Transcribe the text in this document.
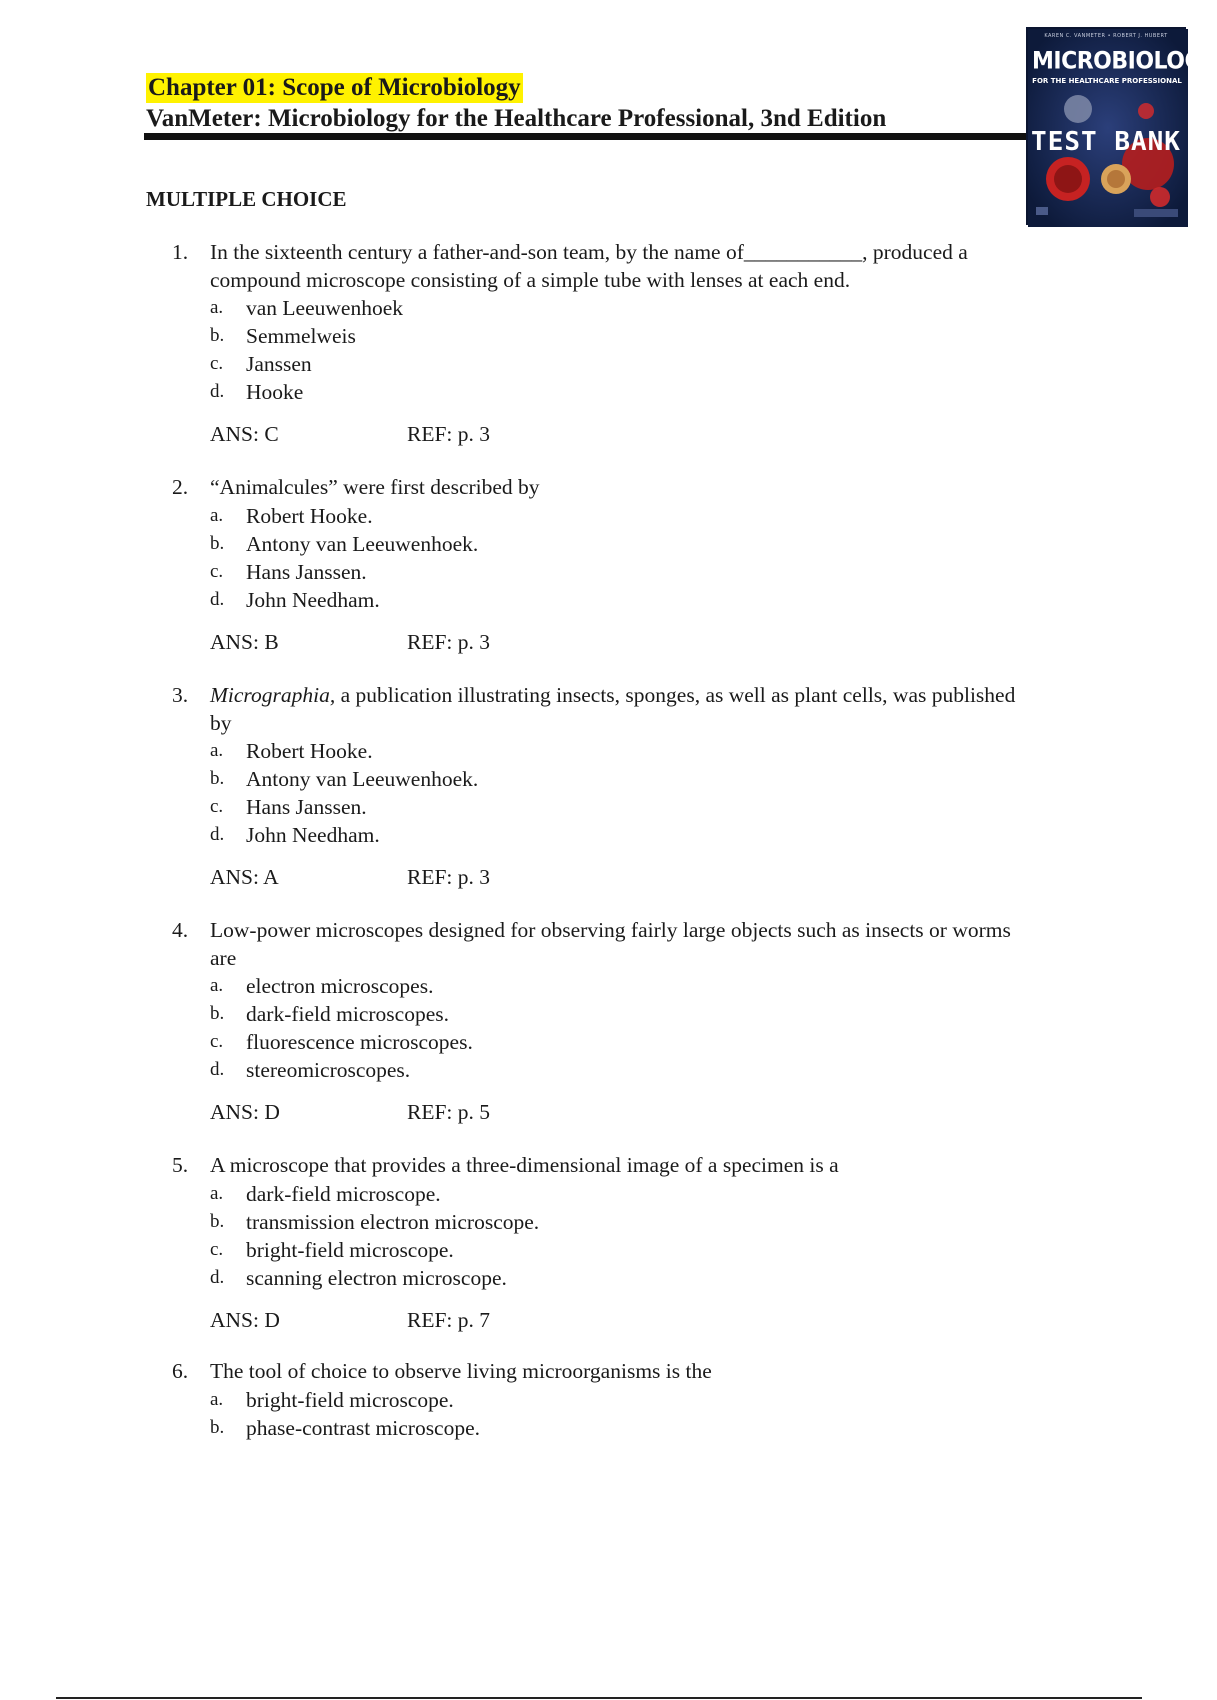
Chapter 01: Scope of Microbiology
VanMeter: Microbiology for the Healthcare Professional, 3nd Edition
KAREN C. VANMETER • ROBERT J. HUBERT
MICROBIOLOGY
FOR THE HEALTHCARE PROFESSIONAL
TEST BANK
MULTIPLE CHOICE
1. In the sixteenth century a father-and-son team, by the name of___________, produced a
compound microscope consisting of a simple tube with lenses at each end.
a. van Leeuwenhoek
b. Semmelweis
c. Janssen
d. Hooke
ANS: C	REF: p. 3
2. “Animalcules” were first described by
a. Robert Hooke.
b. Antony van Leeuwenhoek.
c. Hans Janssen.
d. John Needham.
ANS: B	REF: p. 3
3. Micrographia, a publication illustrating insects, sponges, as well as plant cells, was published
by
a. Robert Hooke.
b. Antony van Leeuwenhoek.
c. Hans Janssen.
d. John Needham.
ANS: A	REF: p. 3
4. Low-power microscopes designed for observing fairly large objects such as insects or worms
are
a. electron microscopes.
b. dark-field microscopes.
c. fluorescence microscopes.
d. stereomicroscopes.
ANS: D	REF: p. 5
5. A microscope that provides a three-dimensional image of a specimen is a
a. dark-field microscope.
b. transmission electron microscope.
c. bright-field microscope.
d. scanning electron microscope.
ANS: D	REF: p. 7
6. The tool of choice to observe living microorganisms is the
a. bright-field microscope.
b. phase-contrast microscope.
